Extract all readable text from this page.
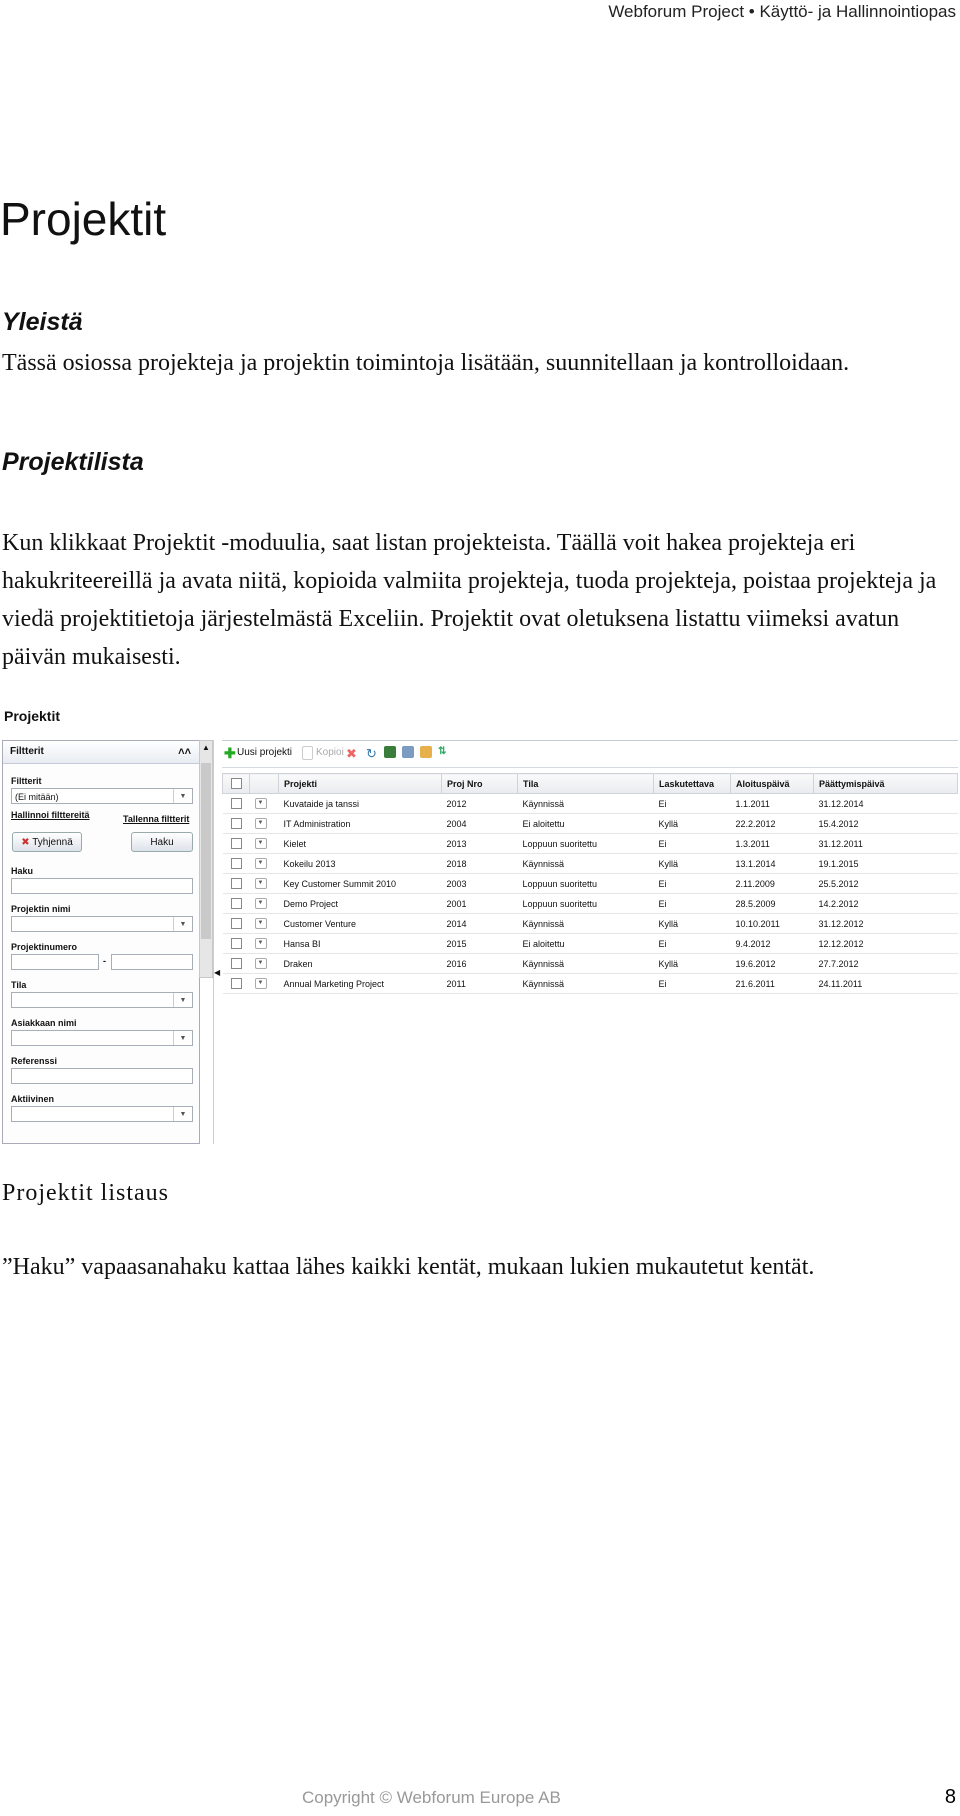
Webforum Project • Käyttö- ja Hallinnointiopas
Projektit
Yleistä

Tässä osiossa projekteja ja projektin toimintoja lisätään, suunnitellaan ja kontrolloidaan.

Projektilista

Kun klikkaat Projektit -moduulia, saat listan projekteista. Täällä voit hakea projekteja eri hakukriteereillä ja avata niitä, kopioida valmiita projekteja, tuoda projekteja, poistaa projekteja ja viedä projektitietoja järjestelmästä Exceliin. Projektit ovat oletuksena listattu viimeksi avatun päivän mukaisesti.

Projektit
Filtterit	˄˄
Filtterit
(Ei mitään)	▼
Hallinnoi filttereitä	Tallenna filtterit
✖ Tyhjennä	Haku
Haku
Projektin nimi
▼
Projektinumero
-
Tila
▼
Asiakkaan nimi
▼
Referenssi
Aktiivinen
▼
▲
◀
✚ Uusi projekti Kopioi ✖ ↻	⇅
		Projekti	Proj Nro	Tila	Laskutettava	Aloituspäivä	Päättymispäivä
	▼	Kuvataide ja tanssi	2012	Käynnissä	Ei	1.1.2011	31.12.2014
	▼	IT Administration	2004	Ei aloitettu	Kyllä	22.2.2012	15.4.2012
	▼	Kielet	2013	Loppuun suoritettu	Ei	1.3.2011	31.12.2011
	▼	Kokeilu 2013	2018	Käynnissä	Kyllä	13.1.2014	19.1.2015
	▼	Key Customer Summit 2010	2003	Loppuun suoritettu	Ei	2.11.2009	25.5.2012
	▼	Demo Project	2001	Loppuun suoritettu	Ei	28.5.2009	14.2.2012
	▼	Customer Venture	2014	Käynnissä	Kyllä	10.10.2011	31.12.2012
	▼	Hansa BI	2015	Ei aloitettu	Ei	9.4.2012	12.12.2012
	▼	Draken	2016	Käynnissä	Kyllä	19.6.2012	27.7.2012
	▼	Annual Marketing Project	2011	Käynnissä	Ei	21.6.2011	24.11.2011

Projektit listaus

”Haku” vapaasanahaku kattaa lähes kaikki kentät, mukaan lukien mukautetut kentät.

Copyright © Webforum Europe AB	8
